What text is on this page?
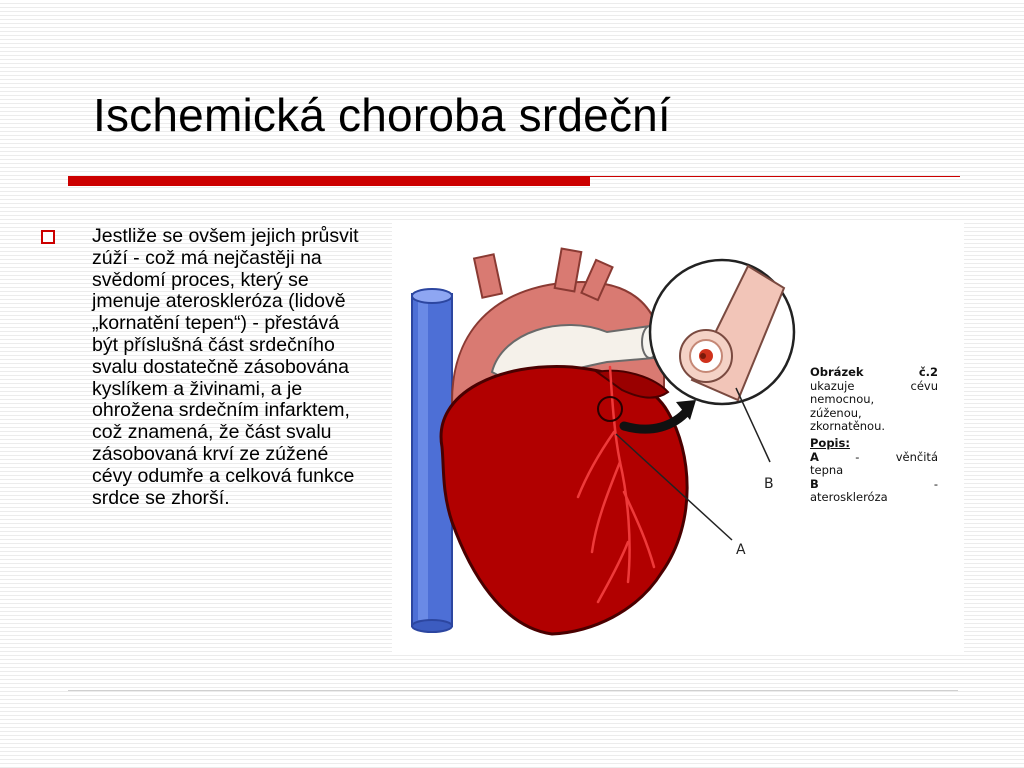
Ischemická choroba srdeční

Jestliže se ovšem jejich průsvit zúží - což má nejčastěji na svědomí proces, který se jmenuje ateroskleróza (lidově „kornatění tepen“) - přestává být příslušná část srdečního svalu dostatečně zásobována kyslíkem a živinami, a je ohrožena srdečním infarktem, což znamená, že část svalu zásobovaná krví ze zúžené cévy odumře a celková funkce srdce se zhorší.

A
B
Obrázek	č.2
ukazuje	cévu
nemocnou,
zúženou,
zkornatěnou.
Popis:
A	-	věnčitá
tepna
B	-
ateroskleróza
